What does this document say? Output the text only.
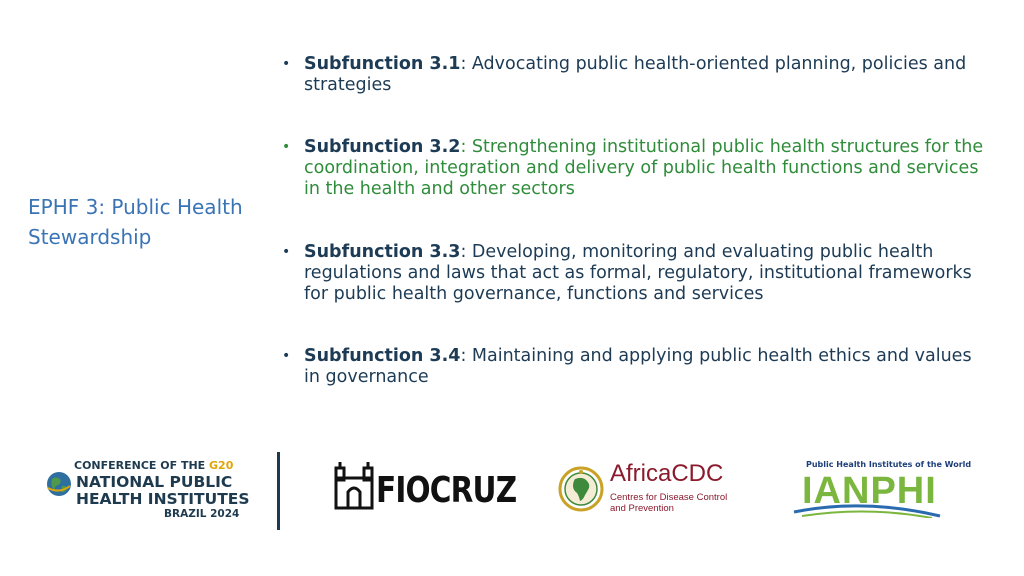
EPHF 3: Public Health Stewardship
• Subfunction 3.1: Advocating public health-oriented planning, policies and strategies
• Subfunction 3.2: Strengthening institutional public health structures for the coordination, integration and delivery of public health functions and services in the health and other sectors
• Subfunction 3.3: Developing, monitoring and evaluating public health regulations and laws that act as formal, regulatory, institutional frameworks for public health governance, functions and services
• Subfunction 3.4: Maintaining and applying public health ethics and values in governance
CONFERENCE OF THE G20
NATIONAL PUBLIC
HEALTH INSTITUTES
BRAZIL 2024
FIOCRUZ	AfricaCDC
Centres for Disease Control
and Prevention
Public Health Institutes of the World
IANPHI
